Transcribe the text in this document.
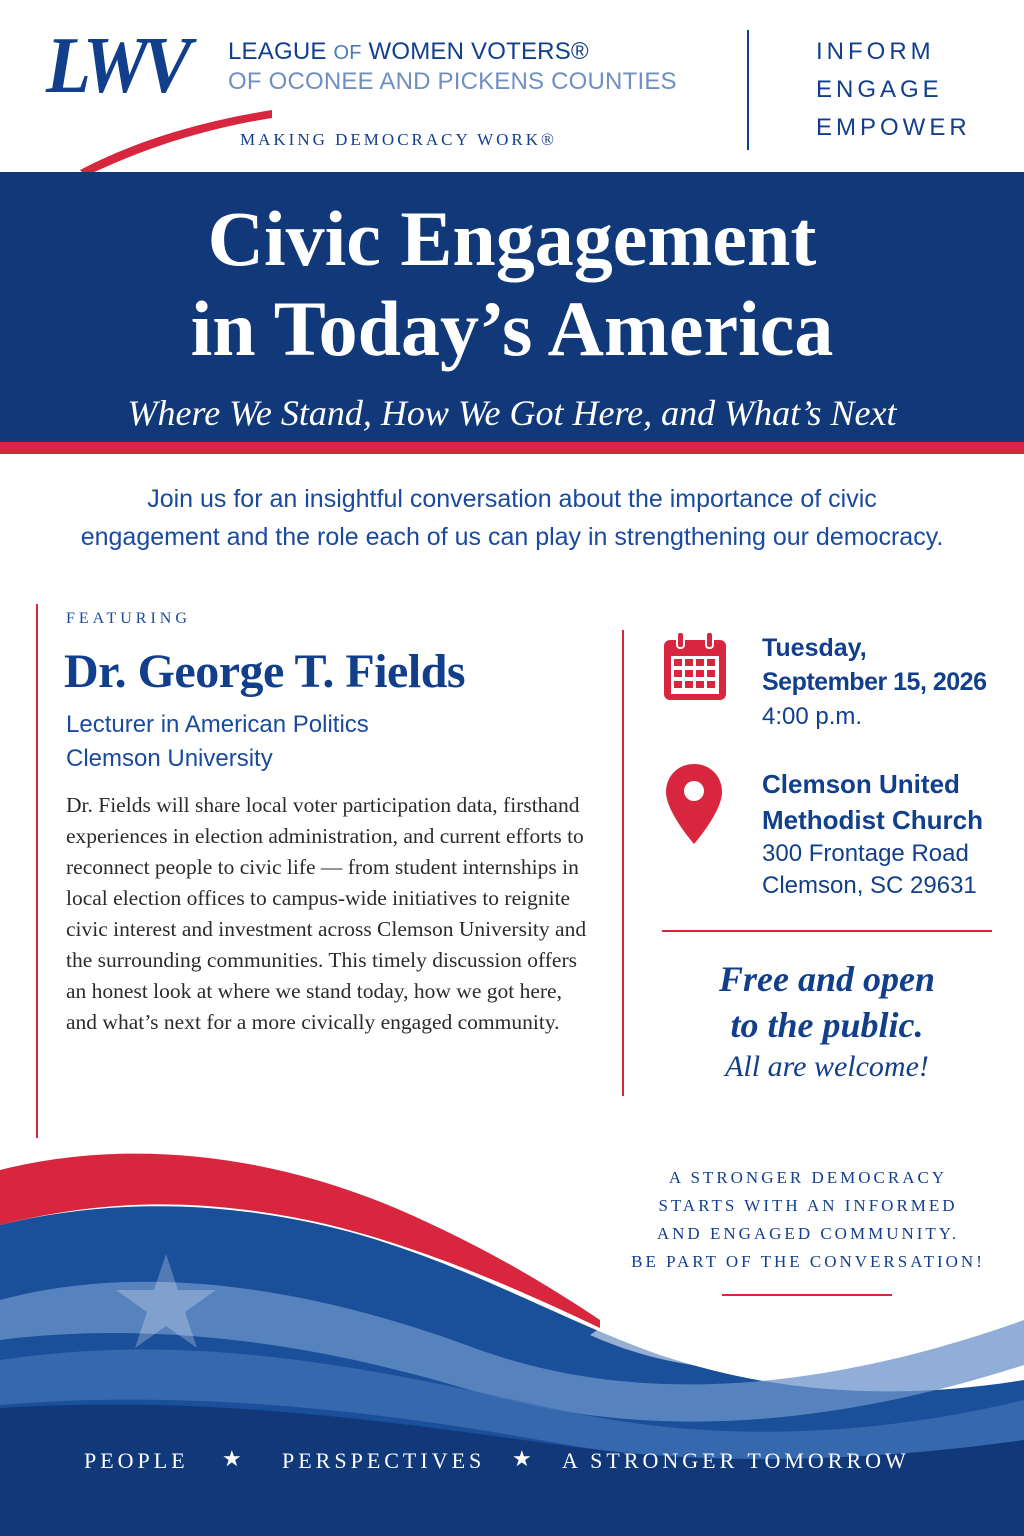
LWV LEAGUE OF WOMEN VOTERS®
OF OCONEE AND PICKENS COUNTIES
MAKING DEMOCRACY WORK®
INFORM
ENGAGE
EMPOWER
Civic Engagement
in Today’s America
Where We Stand, How We Got Here, and What’s Next
Join us for an insightful conversation about the importance of civic engagement and the role each of us can play in strengthening our democracy.
FEATURING
Dr. George T. Fields
Lecturer in American Politics
Clemson University
Dr. Fields will share local voter participation data, firsthand experiences in election administration, and current efforts to reconnect people to civic life — from student internships in local election offices to campus-wide initiatives to reignite civic interest and investment across Clemson University and the surrounding communities. This timely discussion offers an honest look at where we stand today, how we got here, and what’s next for a more civically engaged community.
Tuesday,
September 15, 2026
4:00 p.m.
Clemson United
Methodist Church
300 Frontage Road
Clemson, SC 29631
Free and open
to the public.
All are welcome!
A STRONGER DEMOCRACY
STARTS WITH AN INFORMED
AND ENGAGED COMMUNITY.
BE PART OF THE CONVERSATION!
PEOPLE ★ PERSPECTIVES ★ A STRONGER TOMORROW
